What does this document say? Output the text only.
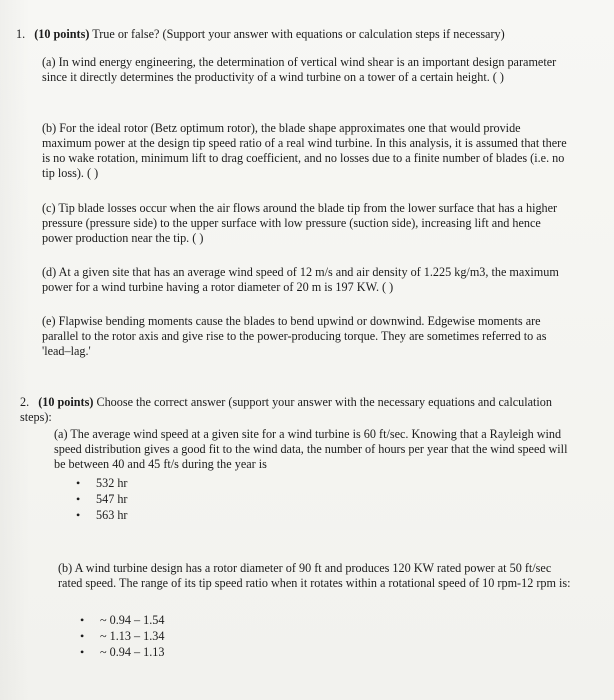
1. (10 points) True or false? (Support your answer with equations or calculation steps if necessary)
(a) In wind energy engineering, the determination of vertical wind shear is an important design parameter since it directly determines the productivity of a wind turbine on a tower of a certain height. ( )
(b) For the ideal rotor (Betz optimum rotor), the blade shape approximates one that would provide maximum power at the design tip speed ratio of a real wind turbine. In this analysis, it is assumed that there is no wake rotation, minimum lift to drag coefficient, and no losses due to a finite number of blades (i.e. no tip loss). ( )
(c) Tip blade losses occur when the air flows around the blade tip from the lower surface that has a higher pressure (pressure side) to the upper surface with low pressure (suction side), increasing lift and hence power production near the tip. ( )
(d) At a given site that has an average wind speed of 12 m/s and air density of 1.225 kg/m3, the maximum power for a wind turbine having a rotor diameter of 20 m is 197 KW. ( )
(e) Flapwise bending moments cause the blades to bend upwind or downwind. Edgewise moments are parallel to the rotor axis and give rise to the power-producing torque. They are sometimes referred to as 'lead–lag.'
2. (10 points) Choose the correct answer (support your answer with the necessary equations and calculation steps):
(a) The average wind speed at a given site for a wind turbine is 60 ft/sec. Knowing that a Rayleigh wind speed distribution gives a good fit to the wind data, the number of hours per year that the wind speed will be between 40 and 45 ft/s during the year is
• 532 hr
• 547 hr
• 563 hr
(b) A wind turbine design has a rotor diameter of 90 ft and produces 120 KW rated power at 50 ft/sec rated speed. The range of its tip speed ratio when it rotates within a rotational speed of 10 rpm-12 rpm is:
• ~ 0.94 – 1.54
• ~ 1.13 – 1.34
• ~ 0.94 – 1.13
